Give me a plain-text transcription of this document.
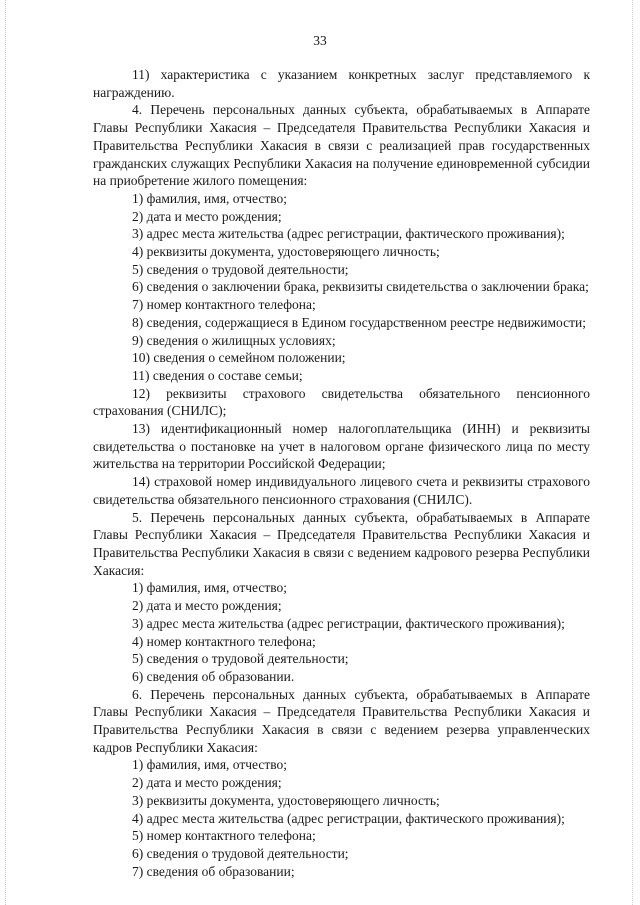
33

11) характеристика с указанием конкретных заслуг представляемого к награждению.

4. Перечень персональных данных субъекта, обрабатываемых в Аппарате Главы Республики Хакасия – Председателя Правительства Республики Хакасия и Правительства Республики Хакасия в связи с реализацией прав государственных гражданских служащих Республики Хакасия на получение единовременной субсидии на приобретение жилого помещения:

1) фамилия, имя, отчество;

2) дата и место рождения;

3) адрес места жительства (адрес регистрации, фактического проживания);

4) реквизиты документа, удостоверяющего личность;

5) сведения о трудовой деятельности;

6) сведения о заключении брака, реквизиты свидетельства о заключении брака;

7) номер контактного телефона;

8) сведения, содержащиеся в Едином государственном реестре недвижимости;

9) сведения о жилищных условиях;

10) сведения о семейном положении;

11) сведения о составе семьи;

12) реквизиты страхового свидетельства обязательного пенсионного страхования (СНИЛС);

13) идентификационный номер налогоплательщика (ИНН) и реквизиты свидетельства о постановке на учет в налоговом органе физического лица по месту жительства на территории Российской Федерации;

14) страховой номер индивидуального лицевого счета и реквизиты страхового свидетельства обязательного пенсионного страхования (СНИЛС).

5. Перечень персональных данных субъекта, обрабатываемых в Аппарате Главы Республики Хакасия – Председателя Правительства Республики Хакасия и Правительства Республики Хакасия в связи с ведением кадрового резерва Республики Хакасия:

1) фамилия, имя, отчество;

2) дата и место рождения;

3) адрес места жительства (адрес регистрации, фактического проживания);

4) номер контактного телефона;

5) сведения о трудовой деятельности;

6) сведения об образовании.

6. Перечень персональных данных субъекта, обрабатываемых в Аппарате Главы Республики Хакасия – Председателя Правительства Республики Хакасия и Правительства Республики Хакасия в связи с ведением резерва управленческих кадров Республики Хакасия:

1) фамилия, имя, отчество;

2) дата и место рождения;

3) реквизиты документа, удостоверяющего личность;

4) адрес места жительства (адрес регистрации, фактического проживания);

5) номер контактного телефона;

6) сведения о трудовой деятельности;

7) сведения об образовании;
